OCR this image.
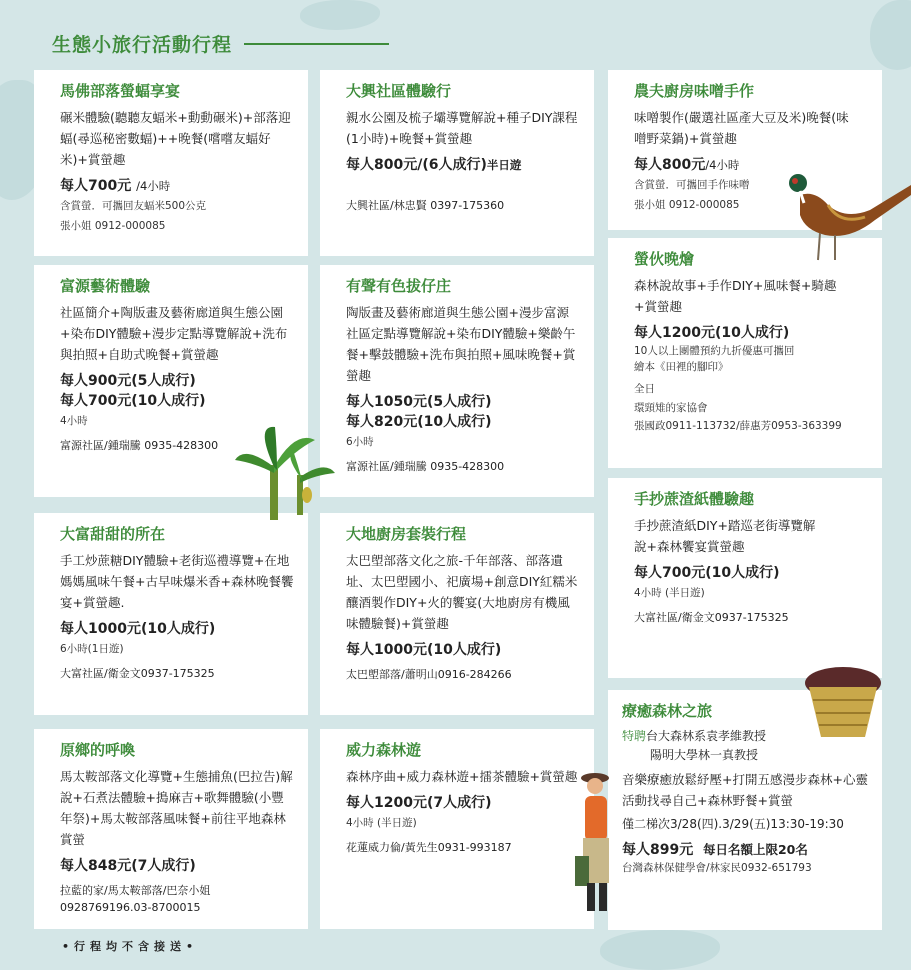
生態小旅行活動行程
馬佛部落螢蝠享宴

碾米體驗(聽聽友蝠米+動動碾米)+部落迎蝠(尋巡秘密數蝠)++晚餐(嚐嚐友蝠好米)+賞螢趣

每人700元 /4小時
含賞螢．可攜回友蝠米500公克
張小姐 0912-000085
大興社區體驗行

親水公園及梳子壩導覽解說+種子DIY課程(1小時)+晚餐+賞螢趣

每人800元/(6人成行)半日遊
大興社區/林忠賢 0397-175360
農夫廚房味噌手作

味噌製作(嚴選社區產大豆及米)晚餐(味噌野菜鍋)+賞螢趣

每人800元/4小時
含賞螢．可攜回手作味噌
張小姐 0912-000085
螢伙晚燴

森林說故事+手作DIY+風味餐+騎趣+賞螢趣

每人1200元(10人成行)
10人以上團體預約九折優惠可攜回
繪本《田裡的腳印》
全日
環頸雉的家協會
張國政0911-113732/薛惠芳0953-363399
富源藝術體驗

社區簡介+陶版畫及藝術廊道與生態公園+染布DIY體驗+漫步定點導覽解說+洗布與拍照+自助式晚餐+賞螢趣

每人900元(5人成行)
每人700元(10人成行)
4小時
富源社區/鍾瑞騰 0935-428300
有聲有色拔仔庄

陶版畫及藝術廊道與生態公園+漫步富源社區定點導覽解說+染布DIY體驗+樂齡午餐+擊鼓體驗+洗布與拍照+風味晚餐+賞螢趣

每人1050元(5人成行)
每人820元(10人成行)
6小時
富源社區/鍾瑞騰 0935-428300
手抄蔗渣紙體驗趣

手抄蔗渣紙DIY+踏巡老街導覽解說+森林饗宴賞螢趣

每人700元(10人成行)
4小時 (半日遊)
大富社區/衛金文0937-175325
大富甜甜的所在

手工炒蔗糖DIY體驗+老街巡禮導覽+在地媽媽風味午餐+古早味爆米香+森林晚餐饗宴+賞螢趣.

每人1000元(10人成行)
6小時(1日遊)
大富社區/衛金文0937-175325
大地廚房套裝行程

太巴塱部落文化之旅-千年部落、部落遺址、太巴塱國小、祀廣場+創意DIY紅糯米釀酒製作DIY+火的饗宴(大地廚房有機風味體驗餐)+賞螢趣

每人1000元(10人成行)
太巴塱部落/蕭明山0916-284266
療癒森林之旅
特聘台大森林系袁孝維教授
陽明大學林一真教授

音樂療癒放鬆紓壓+打開五感漫步森林+心靈活動找尋自己+森林野餐+賞螢

僅二梯次3/28(四).3/29(五)13:30-19:30
每人899元 每日名額上限20名
台灣森林保健學會/林家民0932-651793
原鄉的呼喚

馬太鞍部落文化導覽+生態捕魚(巴拉告)解說+石煮法體驗+搗麻吉+歌舞體驗(小豐年祭)+馬太鞍部落風味餐+前往平地森林賞螢

每人848元(7人成行)
拉藍的家/馬太鞍部落/巴奈小姐
0928769196.03-8700015
威力森林遊

森林序曲+威力森林遊+擂茶體驗+賞螢趣

每人1200元(7人成行)
4小時 (半日遊)
花蓮威力倫/黃先生0931-993187
•行程均不含接送•
